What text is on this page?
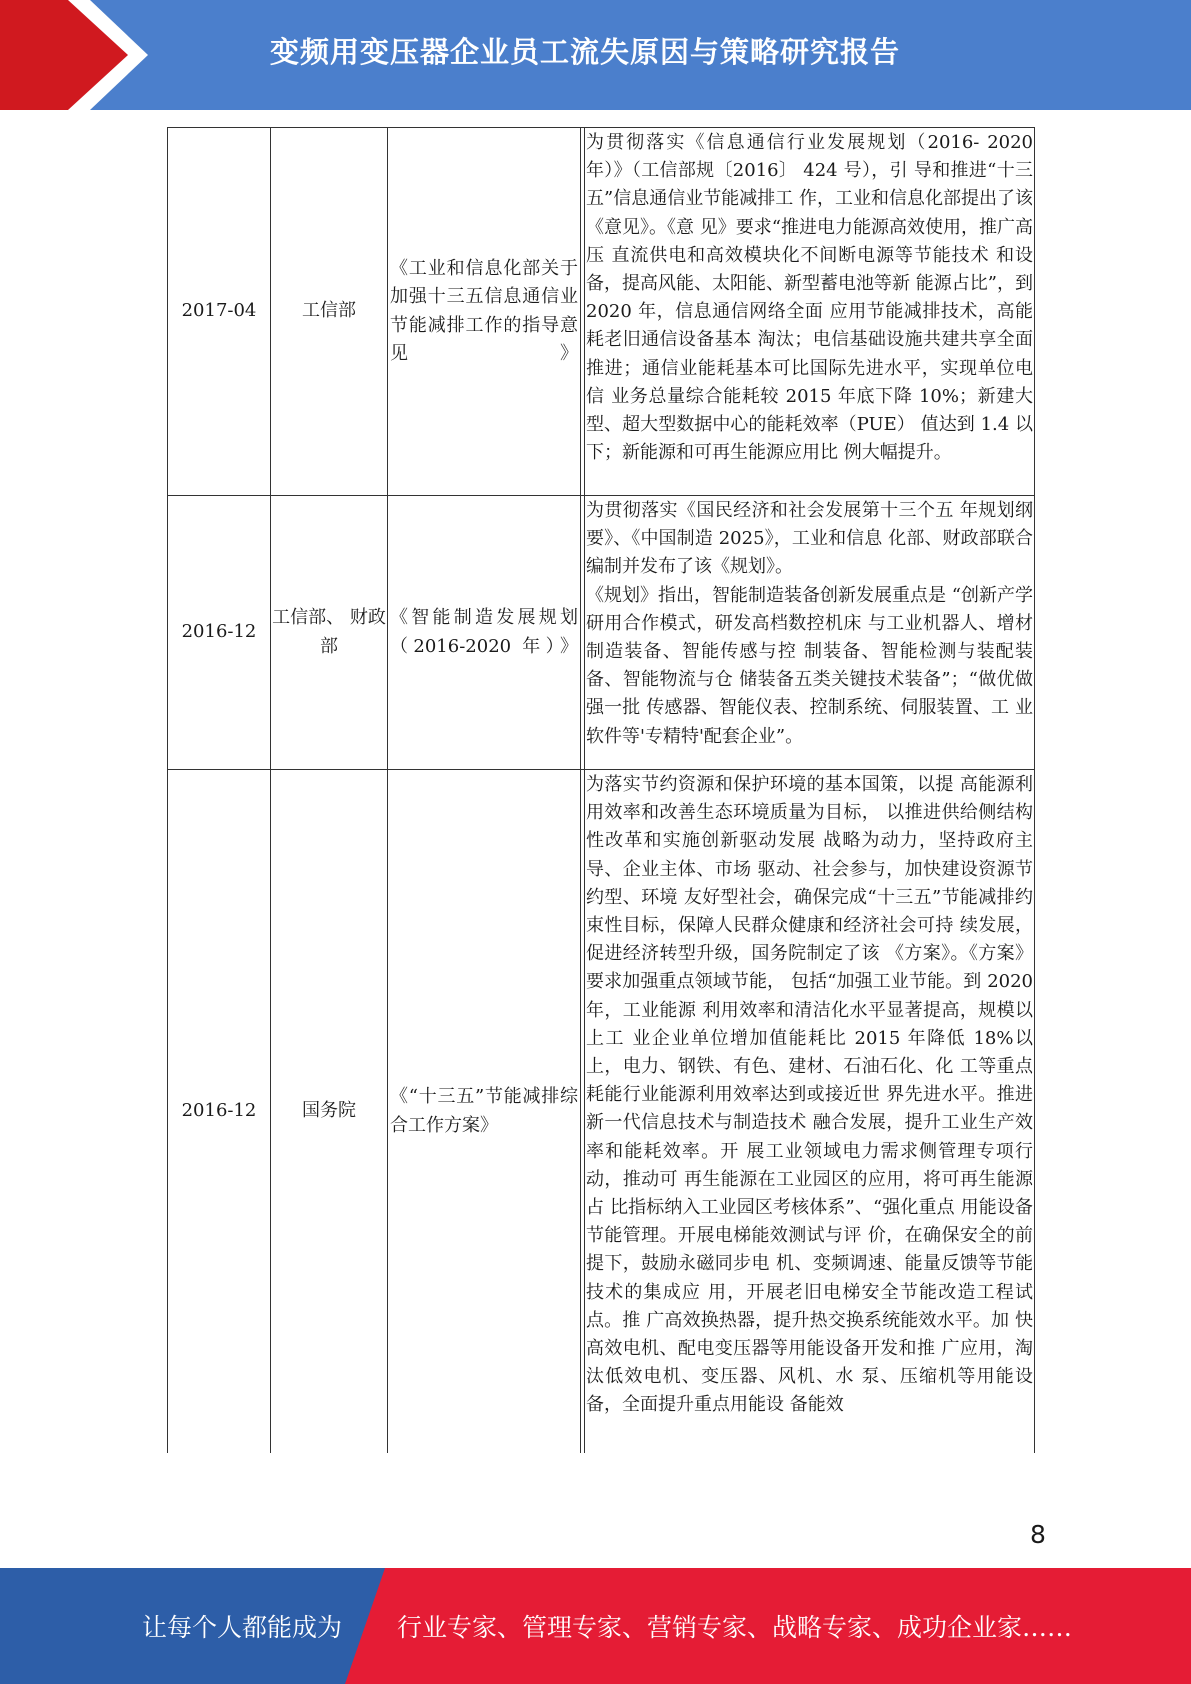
变频用变压器企业员工流失原因与策略研究报告
2017-04	工信部	《工业和信息化部关于加强十三五信息通信业节能减排工作的指导意见》		为贯彻落实《信息通信行业发展规划（2016- 2020 年）》（工信部规〔2016〕 424 号），引 导和推进“十三五”信息通信业节能减排工 作，工业和信息化部提出了该《意见》。《意 见》要求“推进电力能源高效使用，推广高压 直流供电和高效模块化不间断电源等节能技术 和设备，提高风能、太阳能、新型蓄电池等新 能源占比”，到 2020 年，信息通信网络全面 应用节能减排技术，高能耗老旧通信设备基本 淘汰；电信基础设施共建共享全面推进；通信业能耗基本可比国际先进水平，实现单位电信 业务总量综合能耗较 2015 年底下降 10%；新建大型、超大型数据中心的能耗效率（PUE） 值达到 1.4 以下；新能源和可再生能源应用比 例大幅提升。

2016-12	工信部、 财政部	《智能制造发展规划 （2016-2020 年）》		为贯彻落实《国民经济和社会发展第十三个五 年规划纲要》、《中国制造 2025》，工业和信息 化部、财政部联合编制并发布了该《规划》。

《规划》指出，智能制造装备创新发展重点是 “创新产学研用合作模式，研发高档数控机床 与工业机器人、增材制造装备、智能传感与控 制装备、智能检测与装配装备、智能物流与仓 储装备五类关键技术装备”；“做优做强一批 传感器、智能仪表、控制系统、伺服装置、工 业软件等'专精特'配套企业”。

2016-12	国务院	《“十三五”节能减排综合工作方案》		为落实节约资源和保护环境的基本国策，以提 高能源利用效率和改善生态环境质量为目标， 以推进供给侧结构性改革和实施创新驱动发展 战略为动力，坚持政府主导、企业主体、市场 驱动、社会参与，加快建设资源节约型、环境 友好型社会，确保完成“十三五”节能减排约 束性目标，保障人民群众健康和经济社会可持 续发展，促进经济转型升级，国务院制定了该 《方案》。《方案》要求加强重点领域节能， 包括“加强工业节能。到 2020 年，工业能源 利用效率和清洁化水平显著提高，规模以上工 业企业单位增加值能耗比 2015 年降低 18%以上，电力、钢铁、有色、建材、石油石化、化 工等重点耗能行业能源利用效率达到或接近世 界先进水平。推进新一代信息技术与制造技术 融合发展，提升工业生产效率和能耗效率。开 展工业领域电力需求侧管理专项行动，推动可 再生能源在工业园区的应用，将可再生能源占 比指标纳入工业园区考核体系”、“强化重点 用能设备节能管理。开展电梯能效测试与评 价，在确保安全的前提下，鼓励永磁同步电 机、变频调速、能量反馈等节能技术的集成应 用，开展老旧电梯安全节能改造工程试点。推 广高效换热器，提升热交换系统能效水平。加 快高效电机、配电变压器等用能设备开发和推 广应用，淘汰低效电机、变压器、风机、水 泵、压缩机等用能设备，全面提升重点用能设 备能效

8
让每个人都能成为 行业专家、管理专家、营销专家、战略专家、成功企业家……
